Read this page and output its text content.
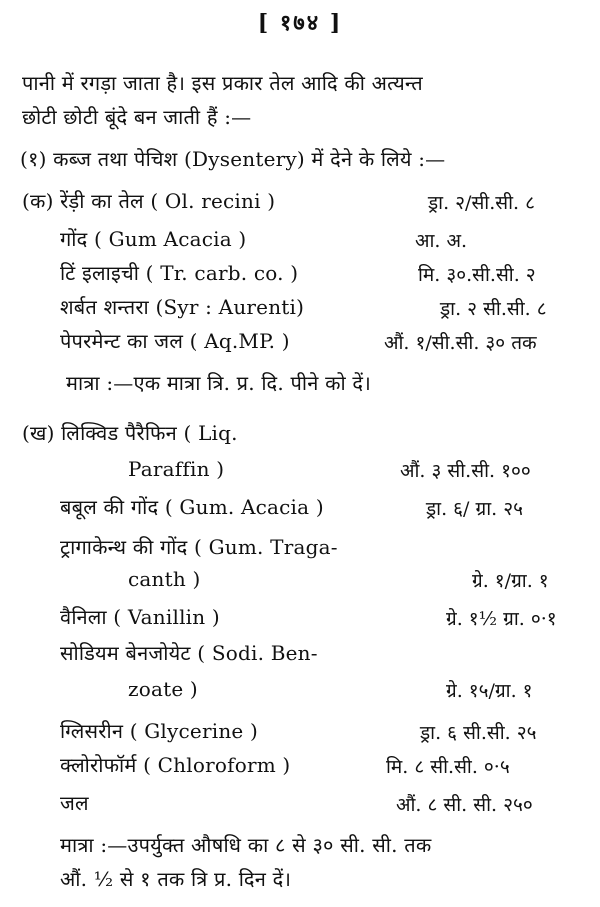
[ १७४ ]
पानी में रगड़ा जाता है। इस प्रकार तेल आदि की अत्यन्त
छोटी छोटी बूंदे बन जाती हैं :—
(१) कब्ज तथा पेचिश (Dysentery) में देने के लिये :—
(क) रेंड़ी का तेल ( Ol. recini )	ड्रा. २/सी.सी. ८
गोंद ( Gum Acacia )	आ. अ.
टिं इलाइची ( Tr. carb. co. )	मि. ३०.सी.सी. २
शर्बत शन्तरा (Syr : Aurenti)	ड्रा. २ सी.सी. ८
पेपरमेन्ट का जल ( Aq.MP. )	औं. १/सी.सी. ३० तक
मात्रा :—एक मात्रा त्रि. प्र. दि. पीने को दें।
(ख) लिक्विड पैरैफिन ( Liq.
Paraffin )	औं. ३ सी.सी. १००
बबूल की गोंद ( Gum. Acacia )	ड्रा. ६/ ग्रा. २५
ट्रागाकेन्थ की गोंद ( Gum. Traga-
canth )	ग्रे. १/ग्रा. १
वैनिला ( Vanillin )	ग्रे. १½ ग्रा. ०·१
सोडियम बेनजोयेट ( Sodi. Ben-
zoate )	ग्रे. १५/ग्रा. १
ग्लिसरीन ( Glycerine )	ड्रा. ६ सी.सी. २५
क्लोरोफॉर्म ( Chloroform )	मि. ८ सी.सी. ०·५
जल	औं. ८ सी. सी. २५०
मात्रा :—उपर्युक्त औषधि का ८ से ३० सी. सी. तक
औं. ½ से १ तक त्रि प्र. दिन दें।
